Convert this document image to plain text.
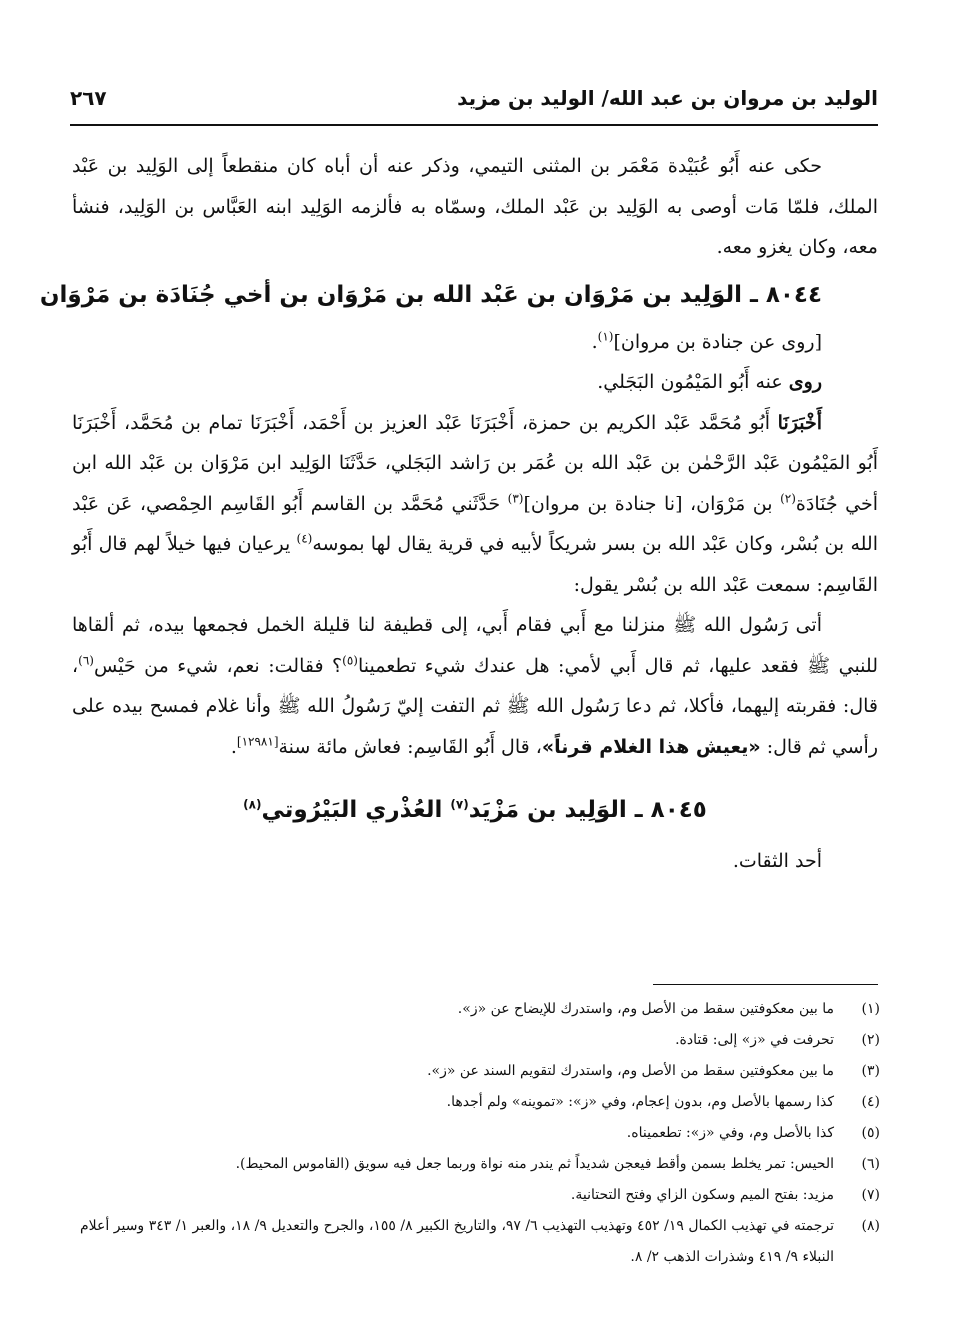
الوليد بن مروان بن عبد الله/ الوليد بن مزيد
٢٦٧

حكى عنه أَبُو عُبَيْدة مَعْمَر بن المثنى التيمي، وذكر عنه أن أباه كان منقطعاً إلى الوَلِيد بن عَبْد الملك، فلمّا مَات أوصى به الوَلِيد بن عَبْد الملك، وسمّاه به فألزمه الوَلِيد ابنه العَبَّاس بن الوَلِيد، فنشأ معه، وكان يغزو معه.

٨٠٤٤ ـ الوَلِيد بن مَرْوَان بن عَبْد الله بن مَرْوَان بن أخي جُنَادَة بن مَرْوَان

[روى عن جنادة بن مروان]$^{(١)}$.

روى عنه أَبُو المَيْمُون البَجَلي.

أَخْبَرَنَا أَبُو مُحَمَّد عَبْد الكريم بن حمزة، أَخْبَرَنَا عَبْد العزيز بن أَحْمَد، أَخْبَرَنَا تمام بن مُحَمَّد، أَخْبَرَنَا أَبُو المَيْمُون عَبْد الرَّحْمٰن بن عَبْد الله بن عُمَر بن رَاشد البَجَلي، حَدَّثَنَا الوَلِيد ابن مَرْوَان بن عَبْد الله ابن أخي جُنَادَة$^{(٢)}$ بن مَرْوَان، [نا جنادة بن مروان]$^{(٣)}$ حَدَّثَني مُحَمَّد بن القاسم أَبُو القَاسِم الحِمْصي، عَن عَبْد الله بن بُسْر، وكان عَبْد الله بن بسر شريكاً لأبيه في قرية يقال لها بموسه$^{(٤)}$ يرعيان فيها خيلاً لهم قال أَبُو القَاسِم: سمعت عَبْد الله بن بُسْر يقول:

أتى رَسُول الله ﷺ منزلنا مع أَبي فقام أَبي، إلى قطيفة لنا قليلة الخمل فجمعها بيده، ثم ألقاها للنبي ﷺ فقعد عليها، ثم قال أَبي لأمي: هل عندك شيء تطعمينا$^{(٥)}$؟ فقالت: نعم، شيء من حَيْس$^{(٦)}$، قال: فقربته إليهما، فأكلا، ثم دعا رَسُول الله ﷺ ثم التفت إليّ رَسُولُ الله ﷺ وأنا غلام فمسح بيده على رأسي ثم قال: «يعيش هذا الغلام قرناً»، قال أَبُو القَاسِم: فعاش مائة سنة[١٢٩٨١].

٨٠٤٥ ـ الوَلِيد بن مَزْيَد$^{(٧)}$ العُذْري البَيْرُوتي$^{(٨)}$

أحد الثقات.

(١)
ما بين معكوفتين سقط من الأصل وم، واستدرك للإيضاح عن «ز».
(٢)
تحرفت في «ز» إلى: قتادة.
(٣)
ما بين معكوفتين سقط من الأصل وم، واستدرك لتقويم السند عن «ز».
(٤)
كذا رسمها بالأصل وم، بدون إعجام، وفي «ز»: «تموينه» ولم أجدها.
(٥)
كذا بالأصل وم، وفي «ز»: تطعميناه.
(٦)
الحيس: تمر يخلط بسمن وأقط فيعجن شديداً ثم يندر منه نواة وربما جعل فيه سويق (القاموس المحيط).
(٧)
مزيد: بفتح الميم وسكون الزاي وفتح التحتانية.
(٨)
ترجمته في تهذيب الكمال ١٩/ ٤٥٢ وتهذيب التهذيب ٦/ ٩٧، والتاريخ الكبير ٨/ ١٥٥، والجرح والتعديل ٩/ ١٨، والعبر ١/ ٣٤٣ وسير أعلام النبلاء ٩/ ٤١٩ وشذرات الذهب ٢/ ٨.
